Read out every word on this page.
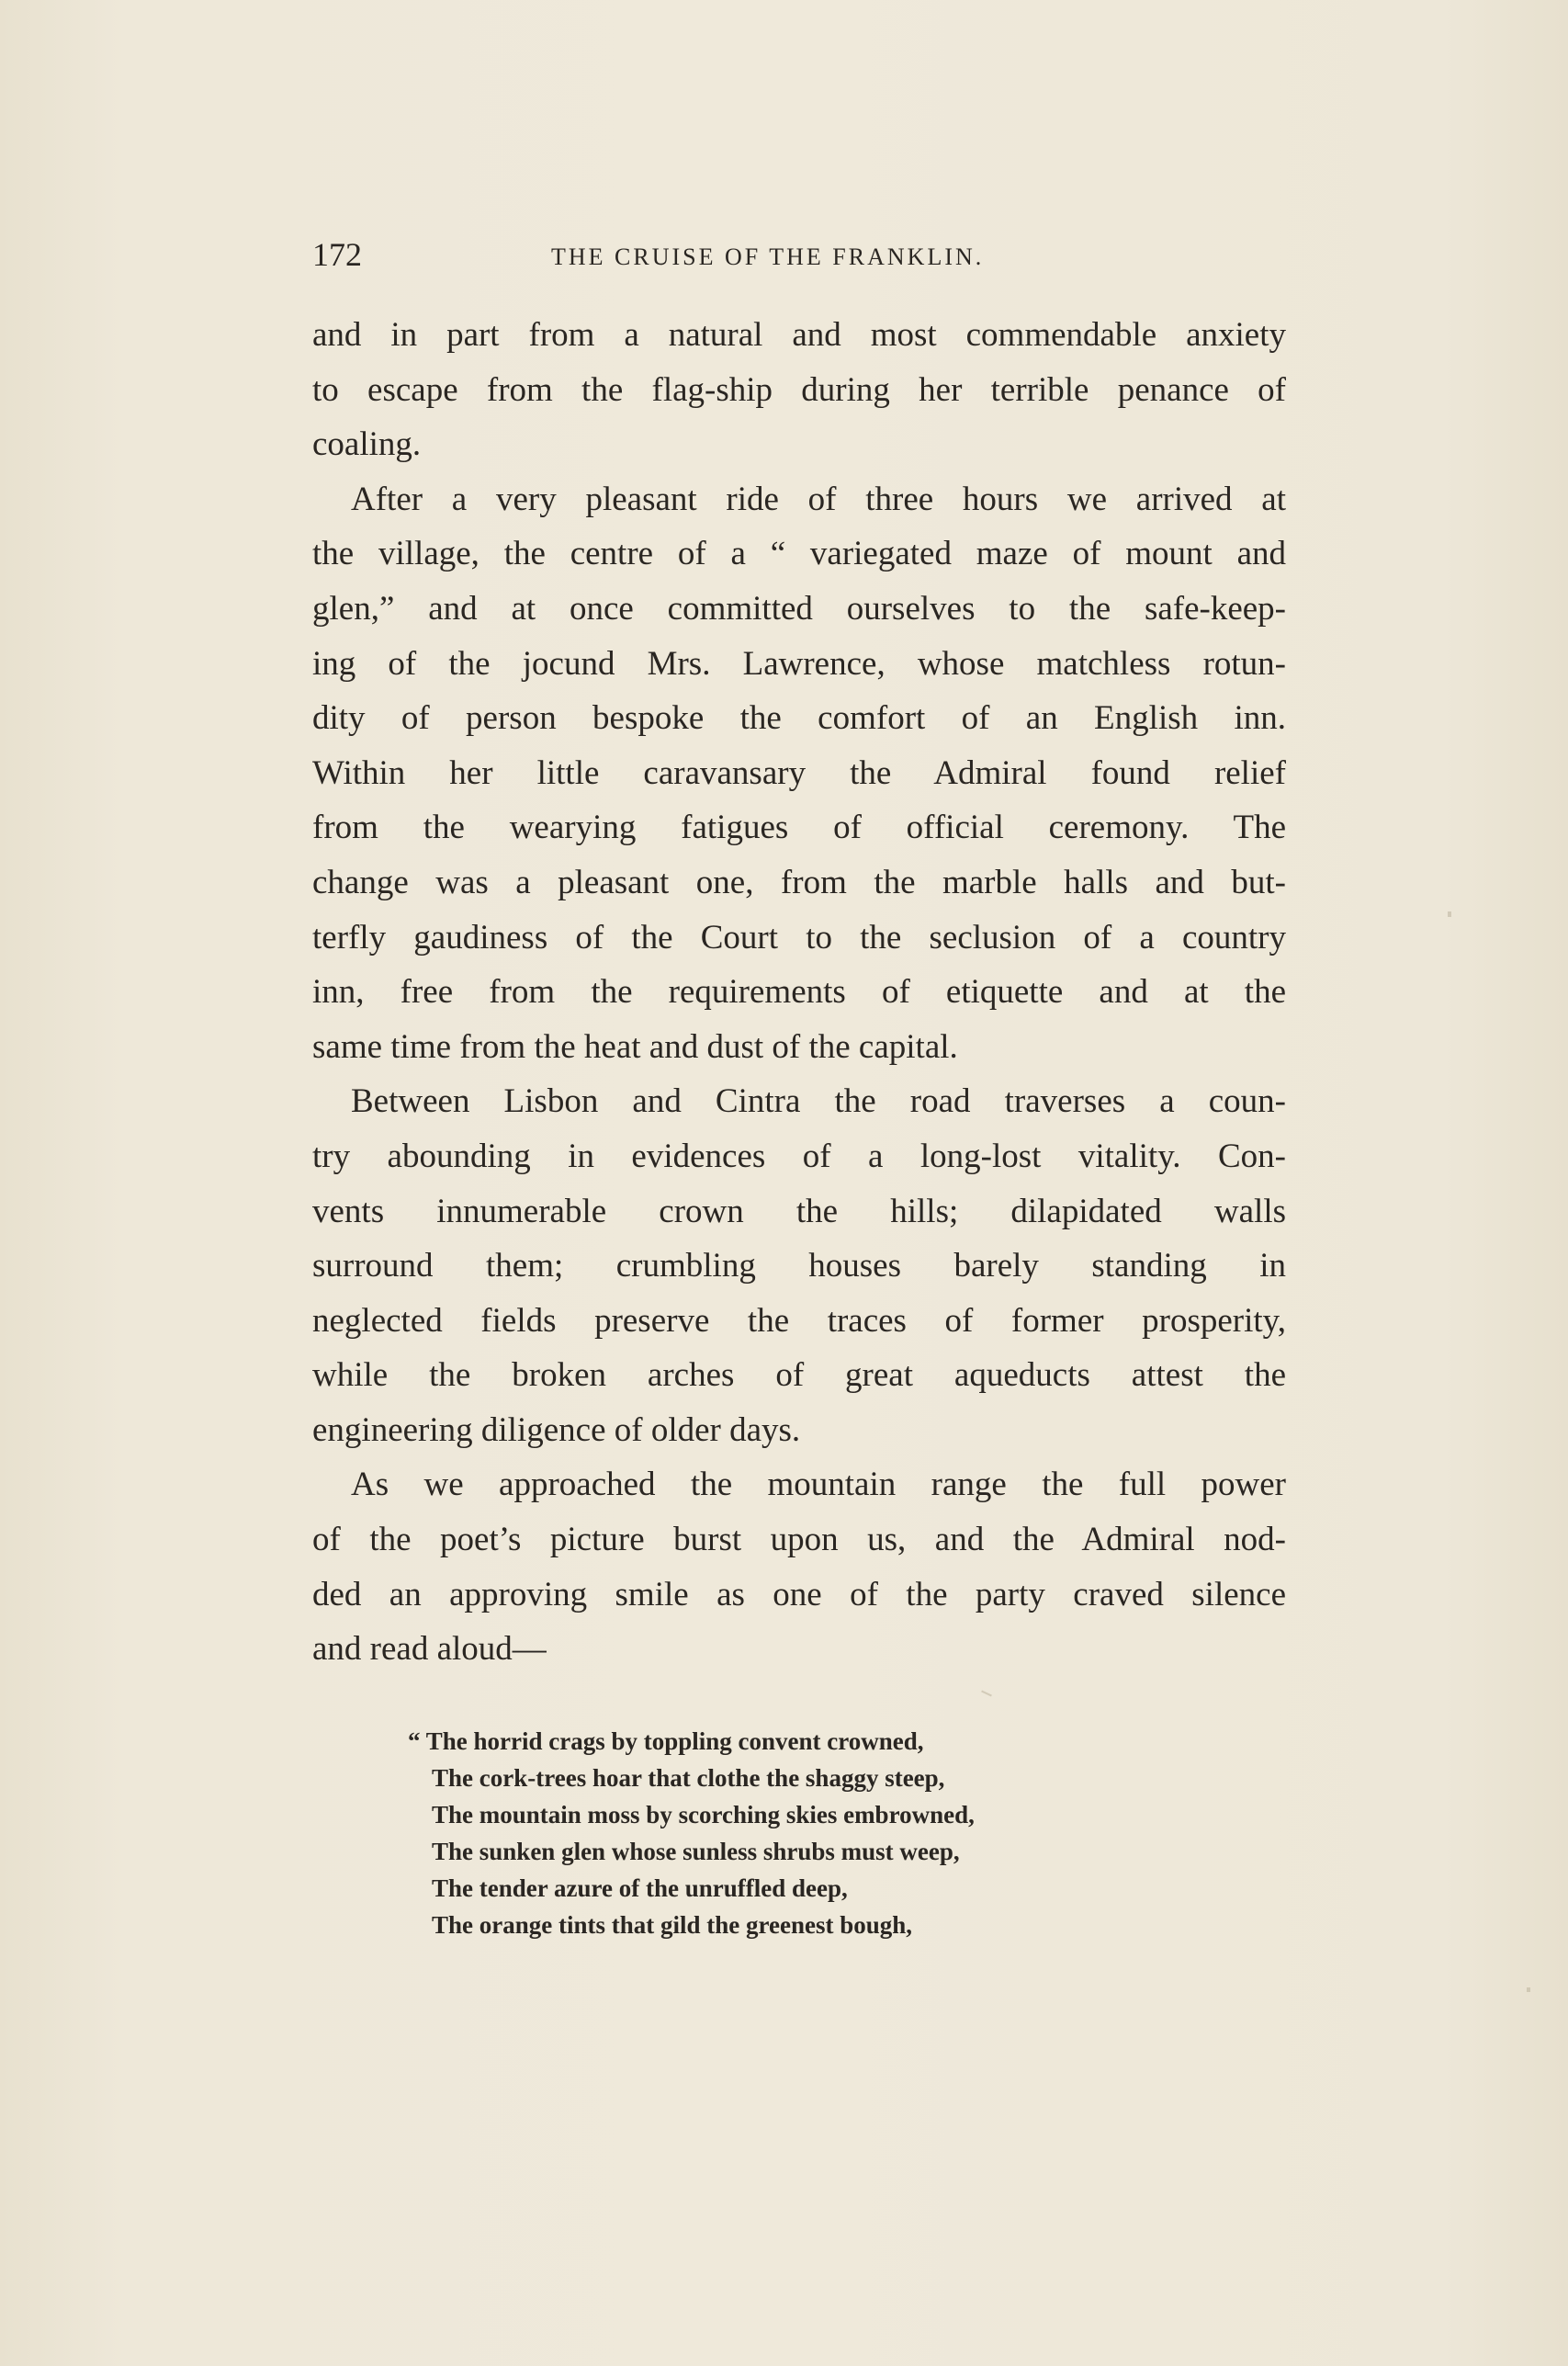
172	THE CRUISE OF THE FRANKLIN.

and in part from a natural and most commendable anxiety
to escape from the flag-ship during her terrible penance of
coaling.

After a very pleasant ride of three hours we arrived at
the village, the centre of a “ variegated maze of mount and
glen,” and at once committed ourselves to the safe-keep-
ing of the jocund Mrs. Lawrence, whose matchless rotun-
dity of person bespoke the comfort of an English inn.
Within her little caravansary the Admiral found relief
from the wearying fatigues of official ceremony. The
change was a pleasant one, from the marble halls and but-
terfly gaudiness of the Court to the seclusion of a country
inn, free from the requirements of etiquette and at the
same time from the heat and dust of the capital.

Between Lisbon and Cintra the road traverses a coun-
try abounding in evidences of a long-lost vitality. Con-
vents innumerable crown the hills; dilapidated walls
surround them; crumbling houses barely standing in
neglected fields preserve the traces of former prosperity,
while the broken arches of great aqueducts attest the
engineering diligence of older days.

As we approached the mountain range the full power
of the poet’s picture burst upon us, and the Admiral nod-
ded an approving smile as one of the party craved silence
and read aloud—

“ The horrid crags by toppling convent crowned,
The cork-trees hoar that clothe the shaggy steep,
The mountain moss by scorching skies embrowned,
The sunken glen whose sunless shrubs must weep,
The tender azure of the unruffled deep,
The orange tints that gild the greenest bough,
